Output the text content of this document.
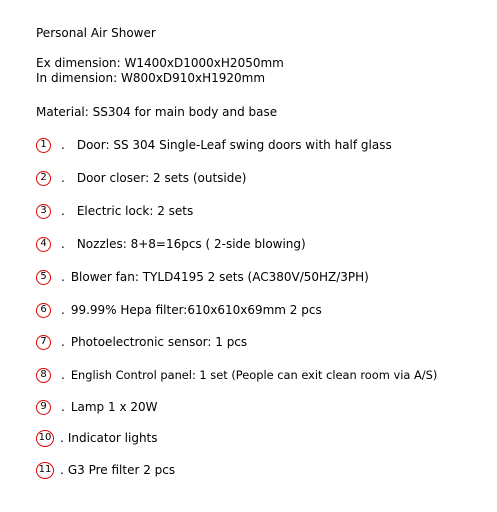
Personal Air Shower
Ex dimension: W1400xD1000xH2050mm
In dimension: W800xD910xH1920mm
Material: SS304 for main body and base
1	. Door: SS 304 Single-Leaf swing doors with half glass
2	. Door closer: 2 sets (outside)
3	. Electric lock: 2 sets
4	. Nozzles: 8+8=16pcs ( 2-side blowing)
5	. Blower fan: TYLD4195 2 sets (AC380V/50HZ/3PH)
6	. 99.99% Hepa filter:610x610x69mm 2 pcs
7	. Photoelectronic sensor: 1 pcs
8	. English Control panel: 1 set (People can exit clean room via A/S)
9	. Lamp 1 x 20W
10 . Indicator lights
11 . G3 Pre filter 2 pcs
